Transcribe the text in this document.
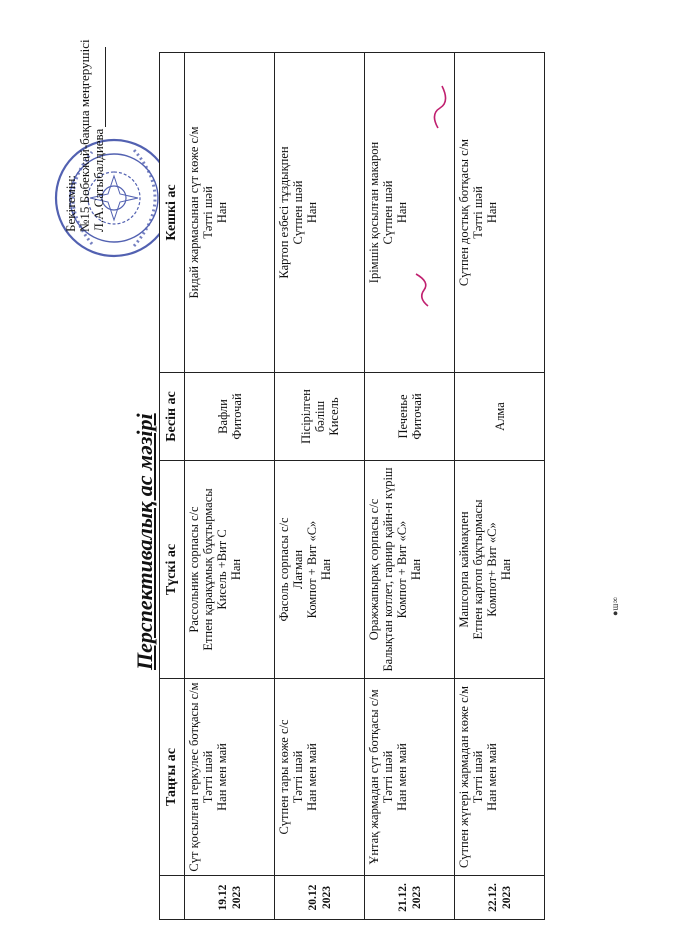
Бекітемін: №15 Бөбекжай-бақша меңгерушісі Л.А.Сатыбалдиева
Перспективалық ас мәзірі
	Таңғы ас	Түскі ас	Бесін ас	Кешкі ас
19.12 2023	Сүт қосылған геркулес ботқасы с/м Тәтті шәй Нан мен май	Рассольник сорпасы с/с Етпен қарақұмық бұқтырмасы Кисель +Вит С Нан	Вафли Фиточай	Бидай жармасынан сүт көже с/м Тәтті шәй Нан

20.12 2023	Сүтпен тары көже с/с Тәтті шәй Нан мен май	Фасоль сорпасы с/с Лағман Компот + Вит «С» Нан	Пісірілген бәліш Кисель	Картоп езбесі тұздықпен Сүтпен шәй Нан

21.12. 2023	Ұнтақ жармадан сүт ботқасы с/м Тәтті шәй Нан мен май	Оражжапырақ сорпасы с/с Балықтан котлет, гарнир қайн-н күріш Компот + Вит «С» Нан	Печенье Фиточай	Ірімшік қосылған макарон Сүтпен шәй Нан

22.12. 2023	Сүтпен жүгері жармадан көже с/м Тәтті шәй Нан мен май	Машсорпа каймақпен Етпен картоп бұқтырмасы Компот+ Вит «С» Нан	Алма	Сүтпен достық ботқасы с/м Тәтті шәй Нан
●ɯ∞
